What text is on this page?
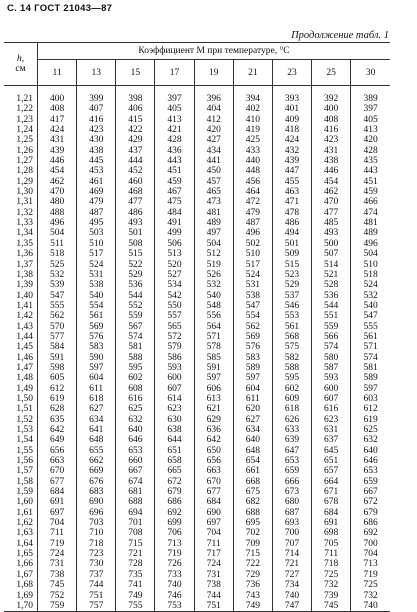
С. 14 ГОСТ 21043—87
Продолжение табл. 1
h,
см	Коэффициент M при температуре, °С								
	11	13	15	17	19	21	23	25	30
1,21	400	399	398	397	396	394	393	392	389
1,22	408	407	406	405	404	402	401	400	397
1,23	417	416	415	413	412	410	409	408	405
1,24	424	423	422	421	420	419	418	416	413
1,25	431	430	429	428	427	425	424	423	420
1,26	439	438	437	436	434	433	432	431	428
1,27	446	445	444	443	441	440	439	438	435
1,28	454	453	452	451	450	448	447	446	443
1,29	462	461	460	459	457	456	455	454	451
1,30	470	469	468	467	465	464	463	462	459
1,31	480	479	477	475	473	472	471	470	466
1,32	488	487	486	484	481	479	478	477	474
1,33	496	495	493	491	489	487	486	485	481
1,34	504	503	501	499	497	496	494	493	489
1,35	511	510	508	506	504	502	501	500	496
1,36	518	517	515	513	512	510	509	507	504
1,37	525	524	522	520	519	517	515	514	510
1,38	532	531	529	527	526	524	523	521	518
1,39	539	538	536	534	532	531	529	528	524
1,40	547	540	544	542	540	538	537	536	532
1,41	555	554	552	550	548	547	546	544	540
1,42	562	561	559	557	556	554	553	551	547
1,43	570	569	567	565	564	562	561	559	555
1,44	577	576	574	572	571	569	568	566	561
1,45	584	583	581	579	578	576	575	574	571
1,46	591	590	588	586	585	583	582	580	574
1,47	598	597	595	593	591	589	588	587	581
1,48	605	604	602	600	597	597	595	593	589
1,49	612	611	608	607	606	604	602	600	597
1,50	619	618	616	614	613	611	609	607	603
1,51	628	627	625	623	621	620	618	616	612
1,52	635	634	632	630	629	627	626	623	619
1,53	642	641	640	638	636	634	633	631	625
1,54	649	648	646	644	642	640	639	637	632
1,55	656	655	653	651	650	648	647	645	640
1,56	663	662	660	658	656	654	653	651	646
1,57	670	669	667	665	663	661	659	657	653
1,58	677	676	674	672	670	668	666	664	659
1,59	684	683	681	679	677	675	673	671	667
1,60	691	690	688	686	684	682	680	678	672
1,61	697	696	694	692	690	688	687	684	679
1,62	704	703	701	699	697	695	693	691	686
1,63	711	710	708	706	704	702	700	698	692
1,64	719	718	715	713	711	709	707	705	700
1,65	724	723	721	719	717	715	714	711	704
1,66	731	730	728	726	724	722	721	718	713
1,67	738	737	735	733	731	729	727	725	719
1,68	745	744	741	740	738	736	734	732	725
1,69	752	751	749	746	744	743	740	739	732
1,70	759	757	755	753	751	749	747	745	740
